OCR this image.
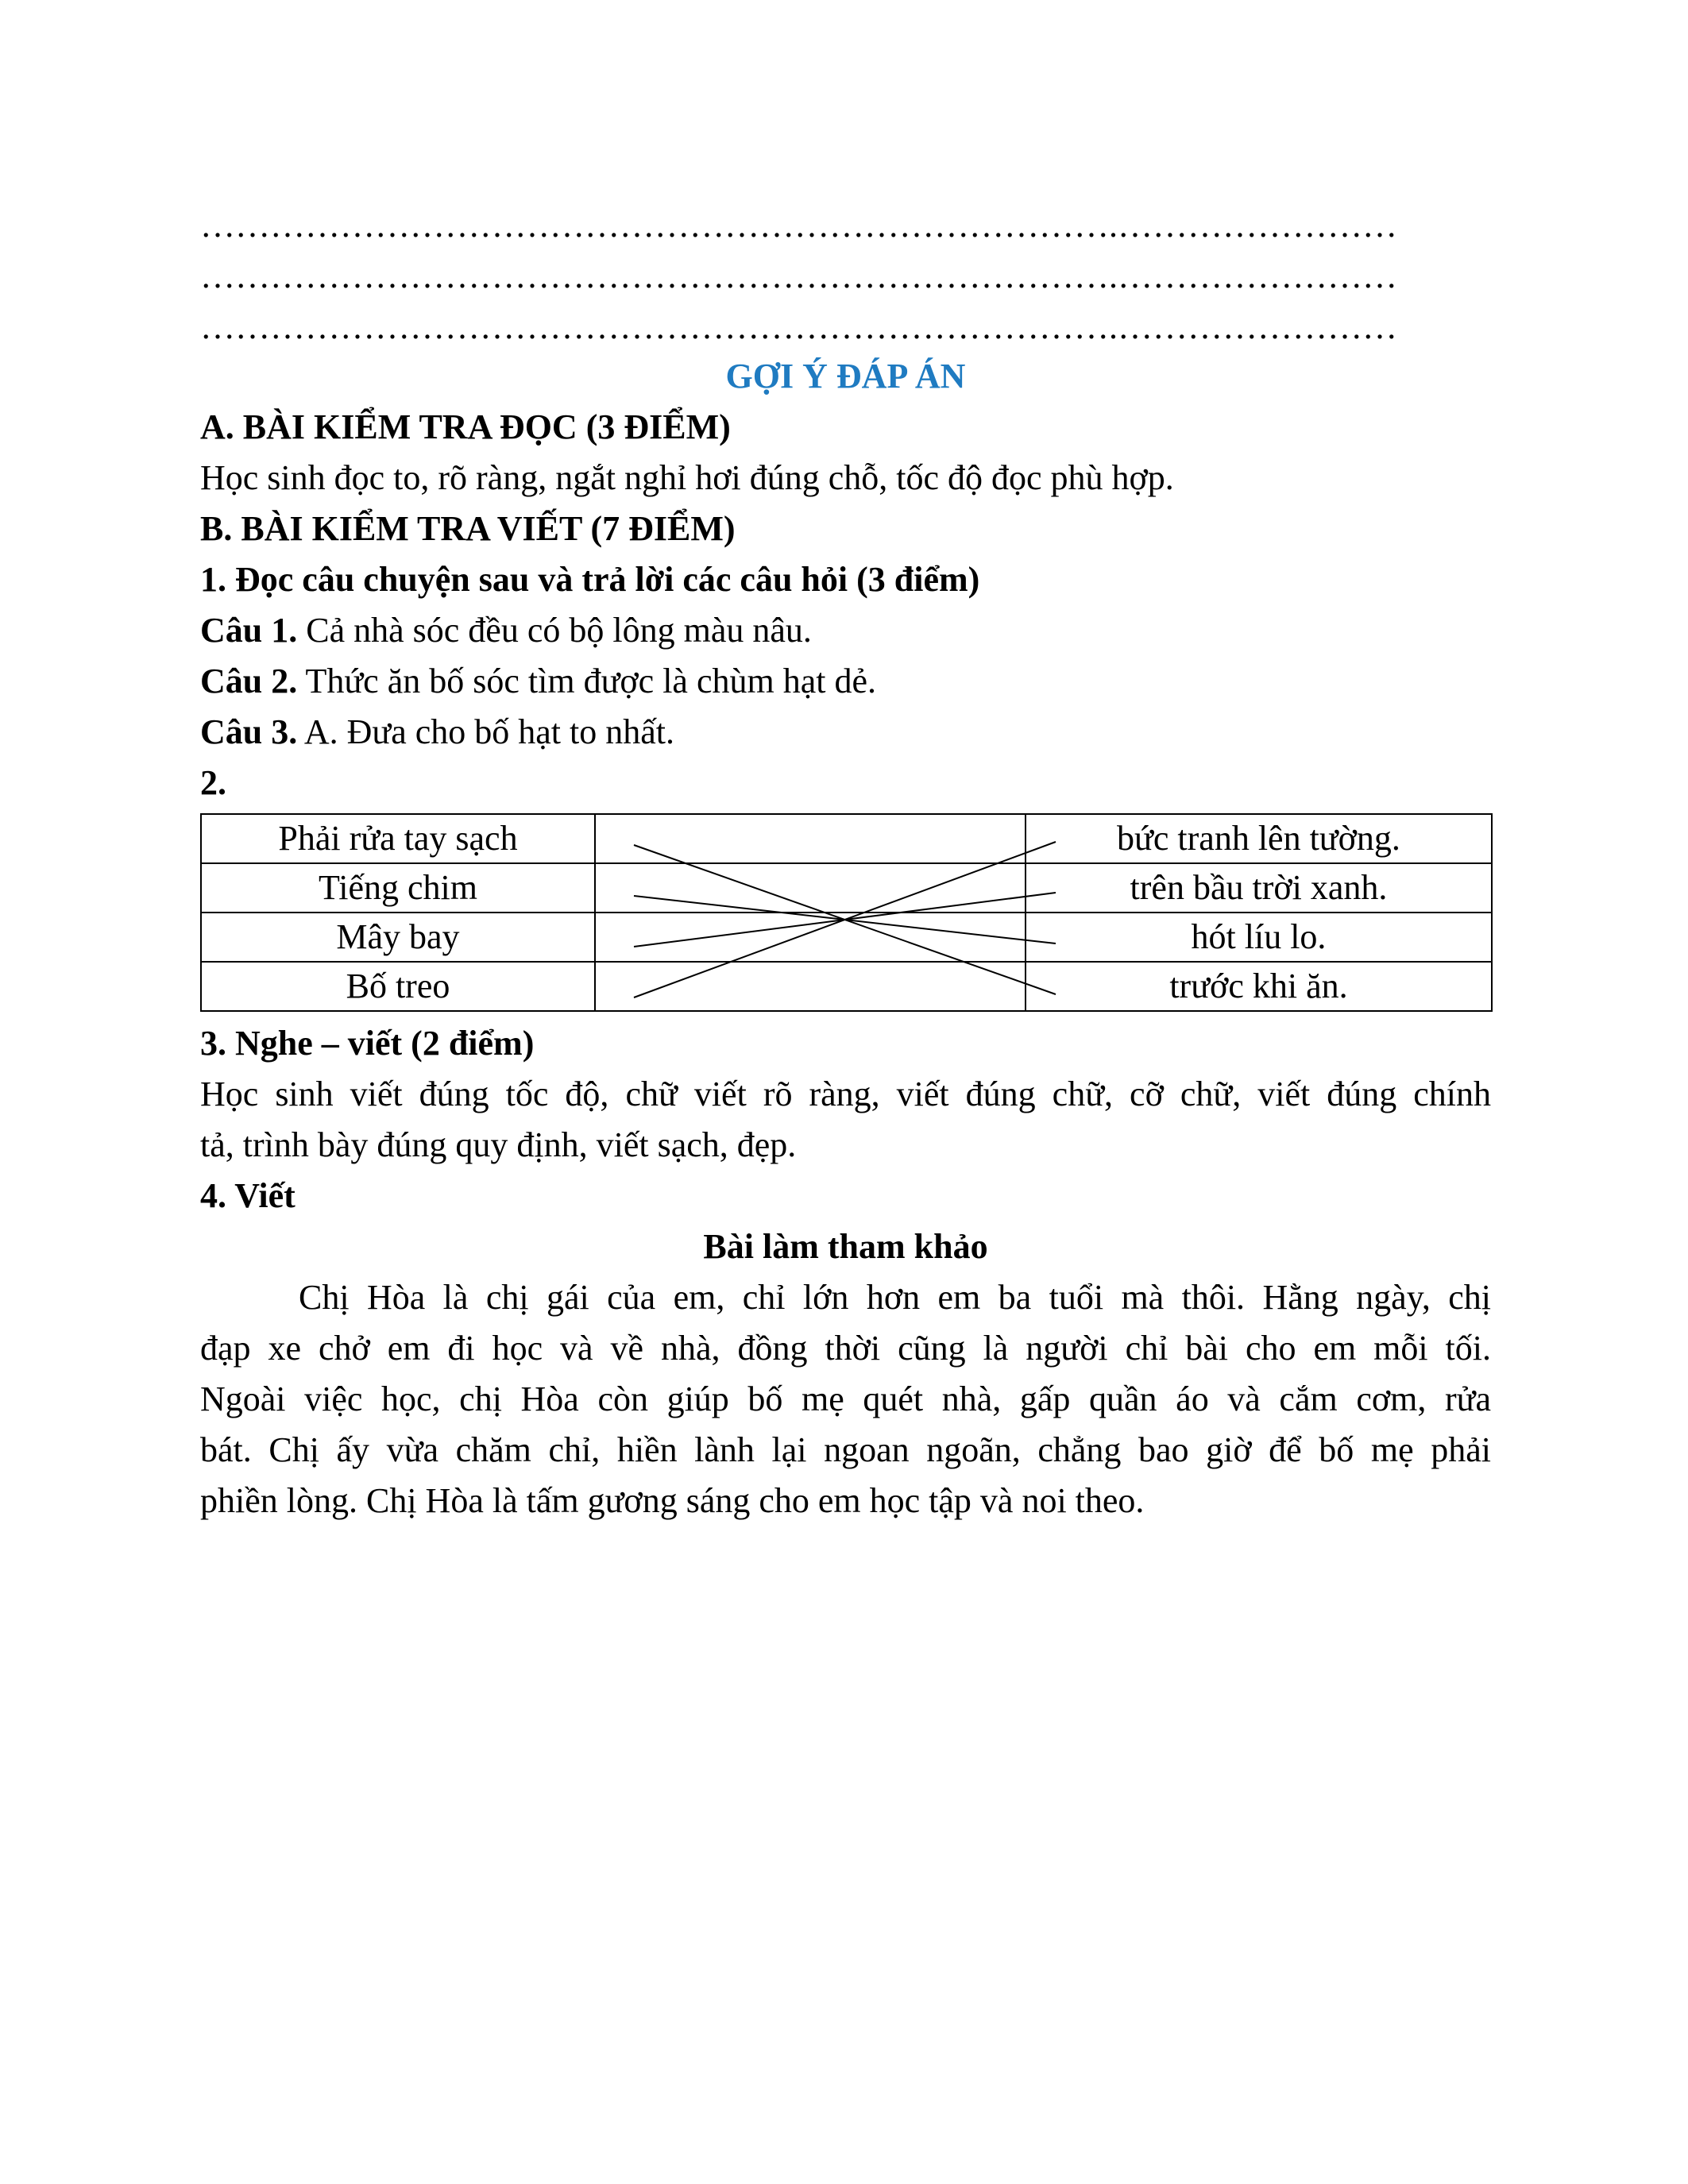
…………………………………………………………………….……………………
…………………………………………………………………….……………………
…………………………………………………………………….……………………
GỢI Ý ĐÁP ÁN
A. BÀI KIỂM TRA ĐỌC (3 ĐIỂM)
Học sinh đọc to, rõ ràng, ngắt nghỉ hơi đúng chỗ, tốc độ đọc phù hợp.
B. BÀI KIỂM TRA VIẾT (7 ĐIỂM)
1. Đọc câu chuyện sau và trả lời các câu hỏi (3 điểm)
Câu 1. Cả nhà sóc đều có bộ lông màu nâu.
Câu 2. Thức ăn bố sóc tìm được là chùm hạt dẻ.
Câu 3. A. Đưa cho bố hạt to nhất.
2.
Phải rửa tay sạch		bức tranh lên tường.
Tiếng chim		trên bầu trời xanh.
Mây bay		hót líu lo.
Bố treo		trước khi ăn.
3. Nghe – viết (2 điểm)
Học sinh viết đúng tốc độ, chữ viết rõ ràng, viết đúng chữ, cỡ chữ, viết đúng chính
tả, trình bày đúng quy định, viết sạch, đẹp.
4. Viết
Bài làm tham khảo
Chị Hòa là chị gái của em, chỉ lớn hơn em ba tuổi mà thôi. Hằng ngày, chị
đạp xe chở em đi học và về nhà, đồng thời cũng là người chỉ bài cho em mỗi tối.
Ngoài việc học, chị Hòa còn giúp bố mẹ quét nhà, gấp quần áo và cắm cơm, rửa
bát. Chị ấy vừa chăm chỉ, hiền lành lại ngoan ngoãn, chẳng bao giờ để bố mẹ phải
phiền lòng. Chị Hòa là tấm gương sáng cho em học tập và noi theo.
